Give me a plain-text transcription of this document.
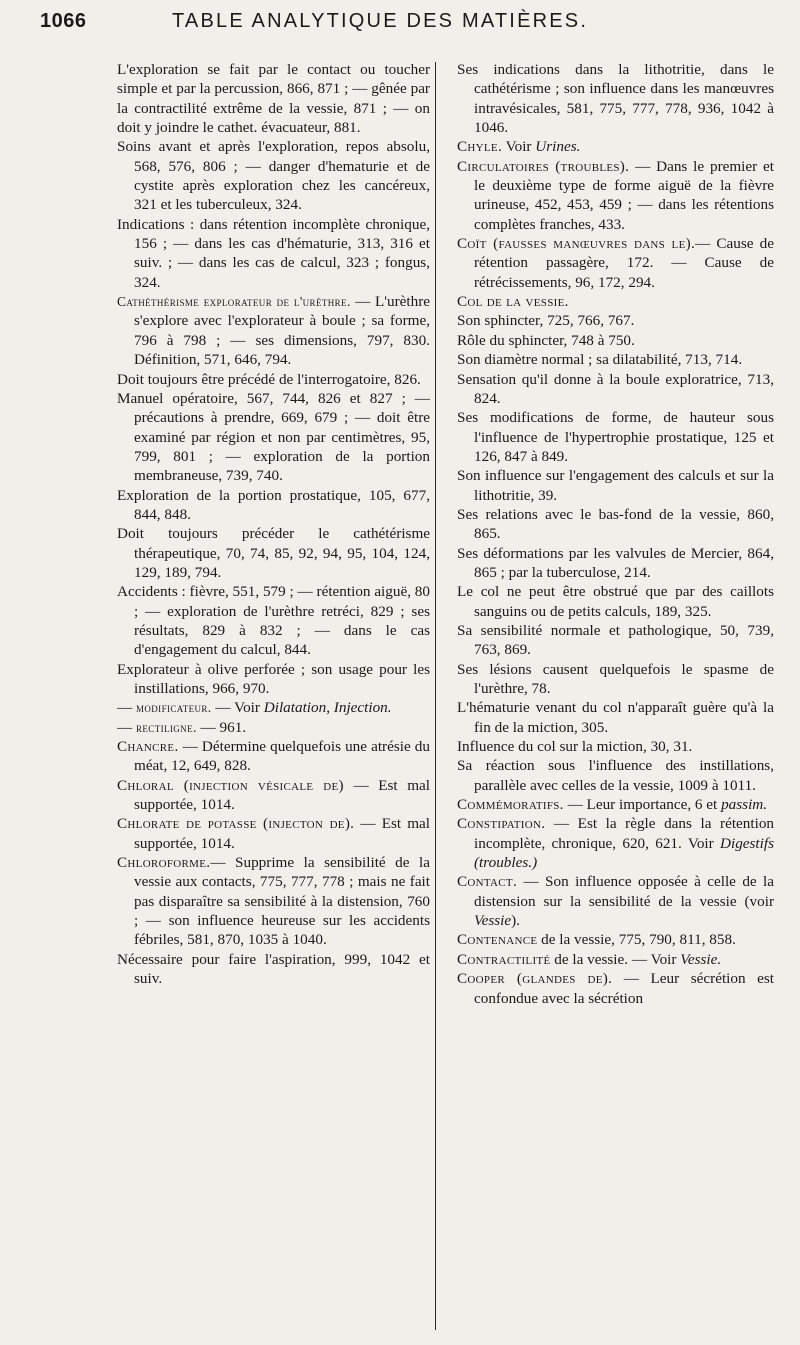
1066	TABLE ANALYTIQUE DES MATIÈRES.

L'exploration se fait par le contact ou toucher simple et par la percussion, 866, 871 ; — gênée par la contractilité extrême de la vessie, 871 ; — on doit y joindre le cathet. évacuateur, 881.

Soins avant et après l'exploration, repos absolu, 568, 576, 806 ; — danger d'hematurie et de cystite après exploration chez les cancéreux, 321 et les tuberculeux, 324.

Indications : dans rétention incomplète chronique, 156 ; — dans les cas d'hématurie, 313, 316 et suiv. ; — dans les cas de calcul, 323 ; fongus, 324.

Cathéthérisme explorateur de l'urèthre. — L'urèthre s'explore avec l'explorateur à boule ; sa forme, 796 à 798 ; — ses dimensions, 797, 830. Définition, 571, 646, 794.

Doit toujours être précédé de l'interrogatoire, 826.

Manuel opératoire, 567, 744, 826 et 827 ; — précautions à prendre, 669, 679 ; — doit être examiné par région et non par centimètres, 95, 799, 801 ; — exploration de la portion membraneuse, 739, 740.

Exploration de la portion prostatique, 105, 677, 844, 848.

Doit toujours précéder le cathétérisme thérapeutique, 70, 74, 85, 92, 94, 95, 104, 124, 129, 189, 794.

Accidents : fièvre, 551, 579 ; — rétention aiguë, 80 ; — exploration de l'urèthre retréci, 829 ; ses résultats, 829 à 832 ; — dans le cas d'engagement du calcul, 844.

Explorateur à olive perforée ; son usage pour les instillations, 966, 970.

— modificateur. — Voir Dilatation, Injection.

— rectiligne. — 961.

Chancre. — Détermine quelquefois une atrésie du méat, 12, 649, 828.

Chloral (injection vésicale de) — Est mal supportée, 1014.

Chlorate de potasse (injecton de). — Est mal supportée, 1014.

Chloroforme.— Supprime la sensibilité de la vessie aux contacts, 775, 777, 778 ; mais ne fait pas disparaître sa sensibilité à la distension, 760 ; — son influence heureuse sur les accidents fébriles, 581, 870, 1035 à 1040.

Nécessaire pour faire l'aspiration, 999, 1042 et suiv.

Ses indications dans la lithotritie, dans le cathétérisme ; son influence dans les manœuvres intravésicales, 581, 775, 777, 778, 936, 1042 à 1046.

Chyle. Voir Urines.

Circulatoires (troubles). — Dans le premier et le deuxième type de forme aiguë de la fièvre urineuse, 452, 453, 459 ; — dans les rétentions complètes franches, 433.

Coït (fausses manœuvres dans le).— Cause de rétention passagère, 172. — Cause de rétrécissements, 96, 172, 294.

Col de la vessie.

Son sphincter, 725, 766, 767.

Rôle du sphincter, 748 à 750.

Son diamètre normal ; sa dilatabilité, 713, 714.

Sensation qu'il donne à la boule exploratrice, 713, 824.

Ses modifications de forme, de hauteur sous l'influence de l'hypertrophie prostatique, 125 et 126, 847 à 849.

Son influence sur l'engagement des calculs et sur la lithotritie, 39.

Ses relations avec le bas-fond de la vessie, 860, 865.

Ses déformations par les valvules de Mercier, 864, 865 ; par la tuberculose, 214.

Le col ne peut être obstrué que par des caillots sanguins ou de petits calculs, 189, 325.

Sa sensibilité normale et pathologique, 50, 739, 763, 869.

Ses lésions causent quelquefois le spasme de l'urèthre, 78.

L'hématurie venant du col n'apparaît guère qu'à la fin de la miction, 305.

Influence du col sur la miction, 30, 31.

Sa réaction sous l'influence des instillations, parallèle avec celles de la vessie, 1009 à 1011.

Commémoratifs. — Leur importance, 6 et passim.

Constipation. — Est la règle dans la rétention incomplète, chronique, 620, 621. Voir Digestifs (troubles.)

Contact. — Son influence opposée à celle de la distension sur la sensibilité de la vessie (voir Vessie).

Contenance de la vessie, 775, 790, 811, 858.

Contractilité de la vessie. — Voir Vessie.

Cooper (glandes de). — Leur sécrétion est confondue avec la sécrétion
